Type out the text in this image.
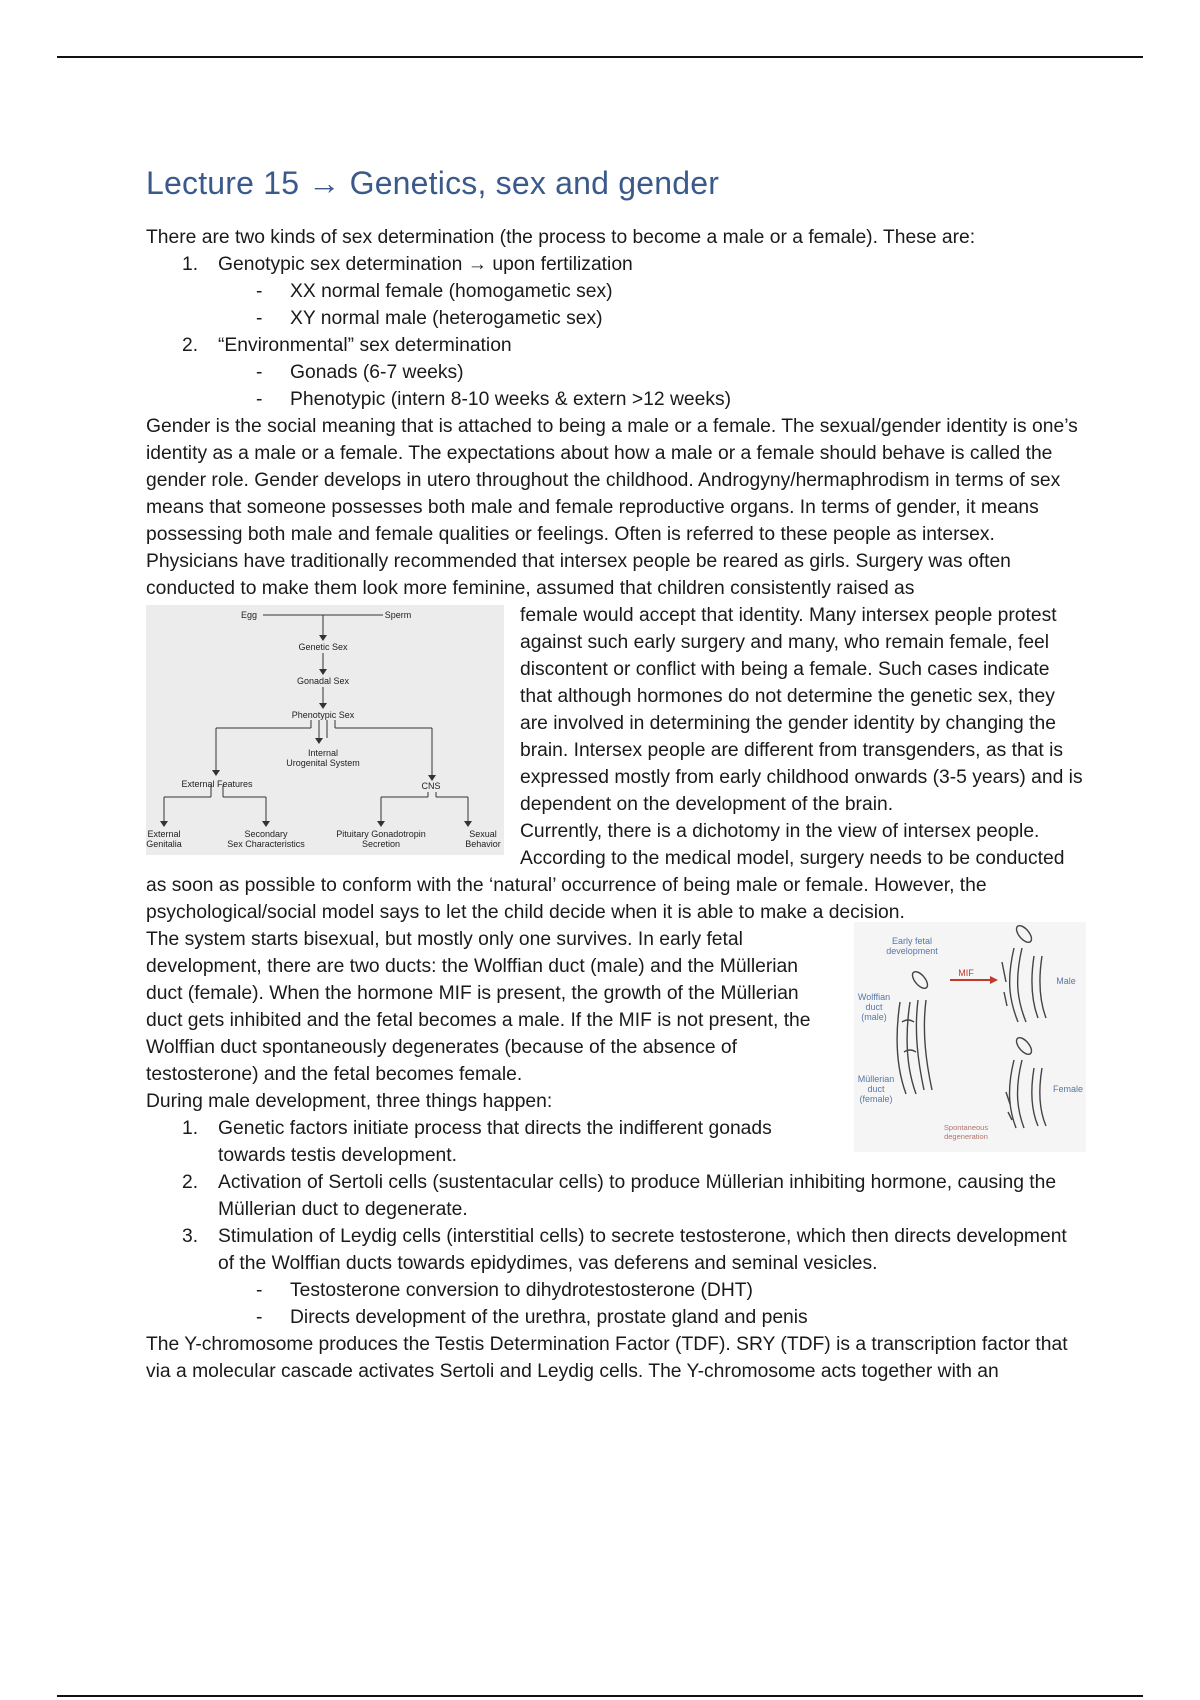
Lecture 15 → Genetics, sex and gender

There are two kinds of sex determination (the process to become a male or a female). These are:

1. Genotypic sex determination → upon fertilization
- XX normal female (homogametic sex)
- XY normal male (heterogametic sex)
2. “Environmental” sex determination
- Gonads (6-7 weeks)
- Phenotypic (intern 8-10 weeks & extern >12 weeks)

Gender is the social meaning that is attached to being a male or a female. The sexual/gender identity is one’s identity as a male or a female. The expectations about how a male or a female should behave is called the gender role. Gender develops in utero throughout the childhood. Androgyny/hermaphrodism in terms of sex means that someone possesses both male and female reproductive organs. In terms of gender, it means possessing both male and female qualities or feelings. Often is referred to these people as intersex. Physicians have traditionally recommended that intersex people be reared as girls. Surgery was often conducted to make them look more feminine, assumed that children consistently raised as

Egg	Sperm
Genetic Sex
Gonadal Sex
Phenotypic Sex
Internal
Urogenital System
External Features	CNS
External
Genitalia
Secondary
Sex Characteristics
Pituitary Gonadotropin
Secretion
Sexual
Behavior

female would accept that identity. Many intersex people protest against such early surgery and many, who remain female, feel discontent or conflict with being a female. Such cases indicate that although hormones do not determine the genetic sex, they are involved in determining the gender identity by changing the brain. Intersex people are different from transgenders, as that is expressed mostly from early childhood onwards (3-5 years) and is dependent on the development of the brain.

Currently, there is a dichotomy in the view of intersex people. According to the medical model, surgery needs to be conducted as soon as possible to conform with the ‘natural’ occurrence of being male or female. However, the psychological/social model says to let the child decide when it is able to make a decision.

Early fetal
development
Wolffian
duct
(male)
Müllerian
duct
(female)
Male
Female
Spontaneous
degeneration
MIF

The system starts bisexual, but mostly only one survives. In early fetal development, there are two ducts: the Wolffian duct (male) and the Müllerian duct (female). When the hormone MIF is present, the growth of the Müllerian duct gets inhibited and the fetal becomes a male. If the MIF is not present, the Wolffian duct spontaneously degenerates (because of the absence of testosterone) and the fetal becomes female.

During male development, three things happen:

1. Genetic factors initiate process that directs the indifferent gonads towards testis development.
2. Activation of Sertoli cells (sustentacular cells) to produce Müllerian inhibiting hormone, causing the Müllerian duct to degenerate.
3. Stimulation of Leydig cells (interstitial cells) to secrete testosterone, which then directs development of the Wolffian ducts towards epidydimes, vas deferens and seminal vesicles.
- Testosterone conversion to dihydrotestosterone (DHT)
- Directs development of the urethra, prostate gland and penis

The Y-chromosome produces the Testis Determination Factor (TDF). SRY (TDF) is a transcription factor that via a molecular cascade activates Sertoli and Leydig cells. The Y-chromosome acts together with an
